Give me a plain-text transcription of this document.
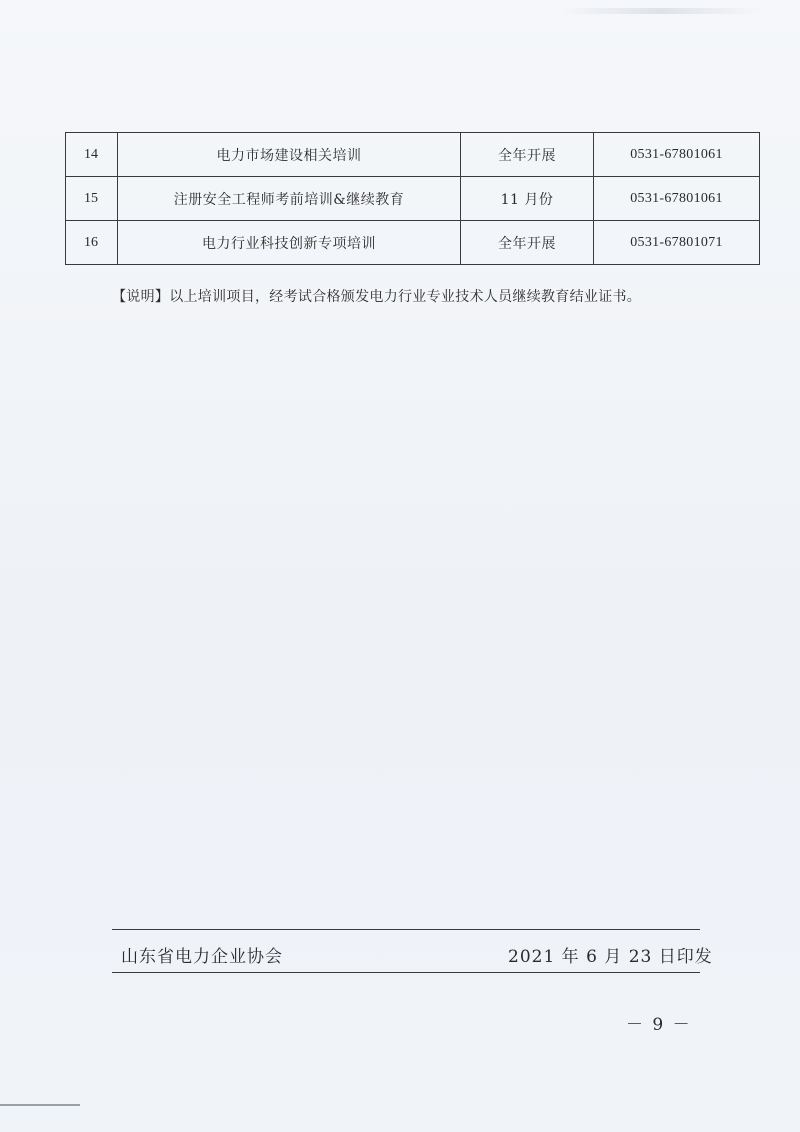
14	电力市场建设相关培训	全年开展	0531-67801061
15	注册安全工程师考前培训&继续教育	11 月份	0531-67801061
16	电力行业科技创新专项培训	全年开展	0531-67801071
【说明】以上培训项目，经考试合格颁发电力行业专业技术人员继续教育结业证书。
山东省电力企业协会	2021 年 6 月 23 日印发
－ 9 －
